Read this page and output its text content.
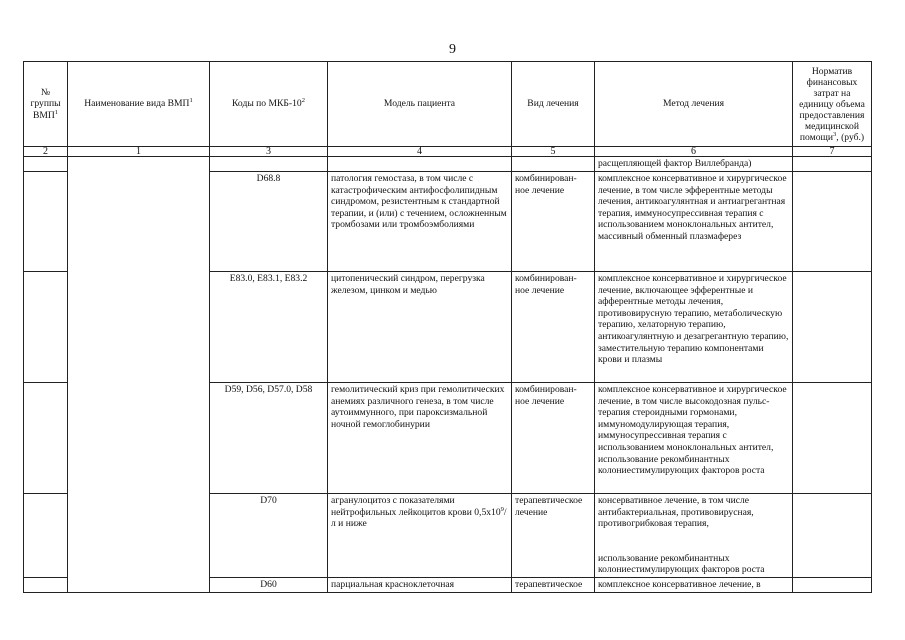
9
№ группы ВМП$^1$	Наименование вида ВМП$^1$	Коды по МКБ-$10^2$	Модель пациента	Вид лечения	Метод лечения	Норматив финансовых затрат на единицу объема предоставления медицинской помощи$^3$, (руб.)
2	1	3	4	5	6	7
					расщепляющей фактор Виллебранда)	
		D68.8	патология гемостаза, в том числе с катастрофическим антифосфолипидным синдромом, резистентным к стандартной терапии, и (или) с течением, осложненным тромбозами или тромбоэмболиями	комбинирован-ное лечение	комплексное консервативное и хирургическое лечение, в том числе эфферентные методы лечения, антикоагулянтная и антиагрегантная терапия, иммуносупрессивная терапия с использованием моноклональных антител, массивный обменный плазмаферез	
		E83.0, E83.1, E83.2	цитопенический синдром, перегрузка железом, цинком и медью	комбинирован-ное лечение	комплексное консервативное и хирургическое лечение, включающее эфферентные и афферентные методы лечения, противовирусную терапию, метаболическую терапию, хелаторную терапию, антикоагулянтную и дезагрегантную терапию, заместительную терапию компонентами крови и плазмы	
		D59, D56, D57.0, D58	гемолитический криз при гемолитических анемиях различного генеза, в том числе аутоиммунного, при пароксизмальной ночной гемоглобинурии	комбинирован-ное лечение	комплексное консервативное и хирургическое лечение, в том числе высокодозная пульс-терапия стероидными гормонами, иммуномодулирующая терапия, иммуносупрессивная терапия с использованием моноклональных антител, использование рекомбинантных колониестимулирующих факторов роста	
		D70	агранулоцитоз с показателями нейтрофильных лейкоцитов крови $0,5x10^9/л$ и ниже	терапевтическое лечение	консервативное лечение, в том числе антибактериальная, противовирусная, противогрибковая терапия,
использование рекомбинантных колониестимулирующих факторов роста	

		D60	парциальная красноклеточная	терапевтическое	комплексное консервативное лечение, в	
